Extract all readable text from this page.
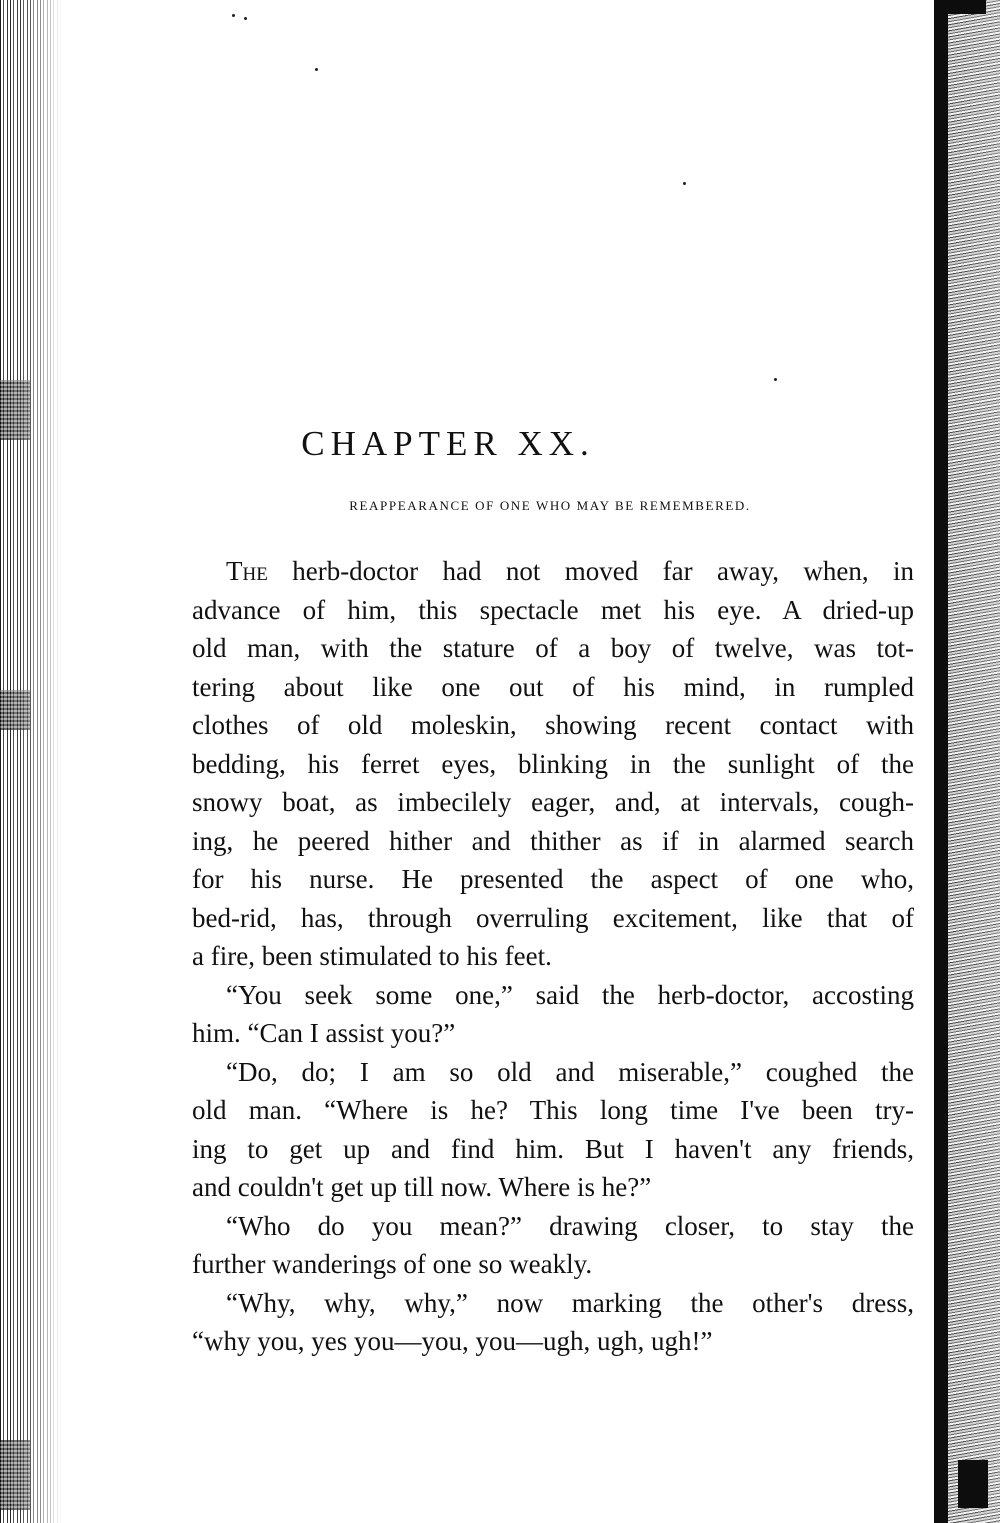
CHAPTER XX.

REAPPEARANCE OF ONE WHO MAY BE REMEMBERED.

The herb-doctor had not moved far away, when, in
advance of him, this spectacle met his eye. A dried-up
old man, with the stature of a boy of twelve, was tot-
tering about like one out of his mind, in rumpled
clothes of old moleskin, showing recent contact with
bedding, his ferret eyes, blinking in the sunlight of the
snowy boat, as imbecilely eager, and, at intervals, cough-
ing, he peered hither and thither as if in alarmed search
for his nurse. He presented the aspect of one who,
bed-rid, has, through overruling excitement, like that of
a fire, been stimulated to his feet.
“You seek some one,” said the herb-doctor, accosting
him. “Can I assist you?”
“Do, do; I am so old and miserable,” coughed the
old man. “Where is he? This long time I've been try-
ing to get up and find him. But I haven't any friends,
and couldn't get up till now. Where is he?”
“Who do you mean?” drawing closer, to stay the
further wanderings of one so weakly.
“Why, why, why,” now marking the other's dress,
“why you, yes you—you, you—ugh, ugh, ugh!”
